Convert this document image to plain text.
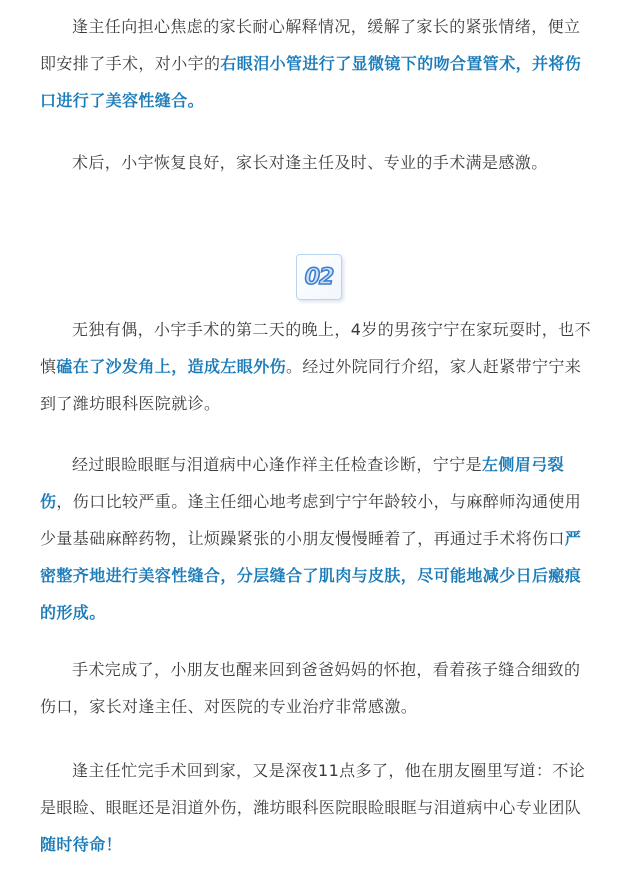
逢主任向担心焦虑的家长耐心解释情况，缓解了家长的紧张情绪，便立即安排了手术，对小宇的右眼泪小管进行了显微镜下的吻合置管术，并将伤口进行了美容性缝合。

术后，小宇恢复良好，家长对逢主任及时、专业的手术满是感激。

无独有偶，小宇手术的第二天的晚上，4岁的男孩宁宁在家玩耍时，也不慎磕在了沙发角上，造成左眼外伤。经过外院同行介绍，家人赶紧带宁宁来到了潍坊眼科医院就诊。

经过眼睑眼眶与泪道病中心逢作祥主任检查诊断，宁宁是左侧眉弓裂伤，伤口比较严重。逢主任细心地考虑到宁宁年龄较小，与麻醉师沟通使用少量基础麻醉药物，让烦躁紧张的小朋友慢慢睡着了，再通过手术将伤口严密整齐地进行美容性缝合，分层缝合了肌肉与皮肤，尽可能地减少日后瘢痕的形成。

手术完成了，小朋友也醒来回到爸爸妈妈的怀抱，看着孩子缝合细致的伤口，家长对逢主任、对医院的专业治疗非常感激。

逢主任忙完手术回到家，又是深夜11点多了，他在朋友圈里写道：不论是眼睑、眼眶还是泪道外伤，潍坊眼科医院眼睑眼眶与泪道病中心专业团队随时待命！

02
